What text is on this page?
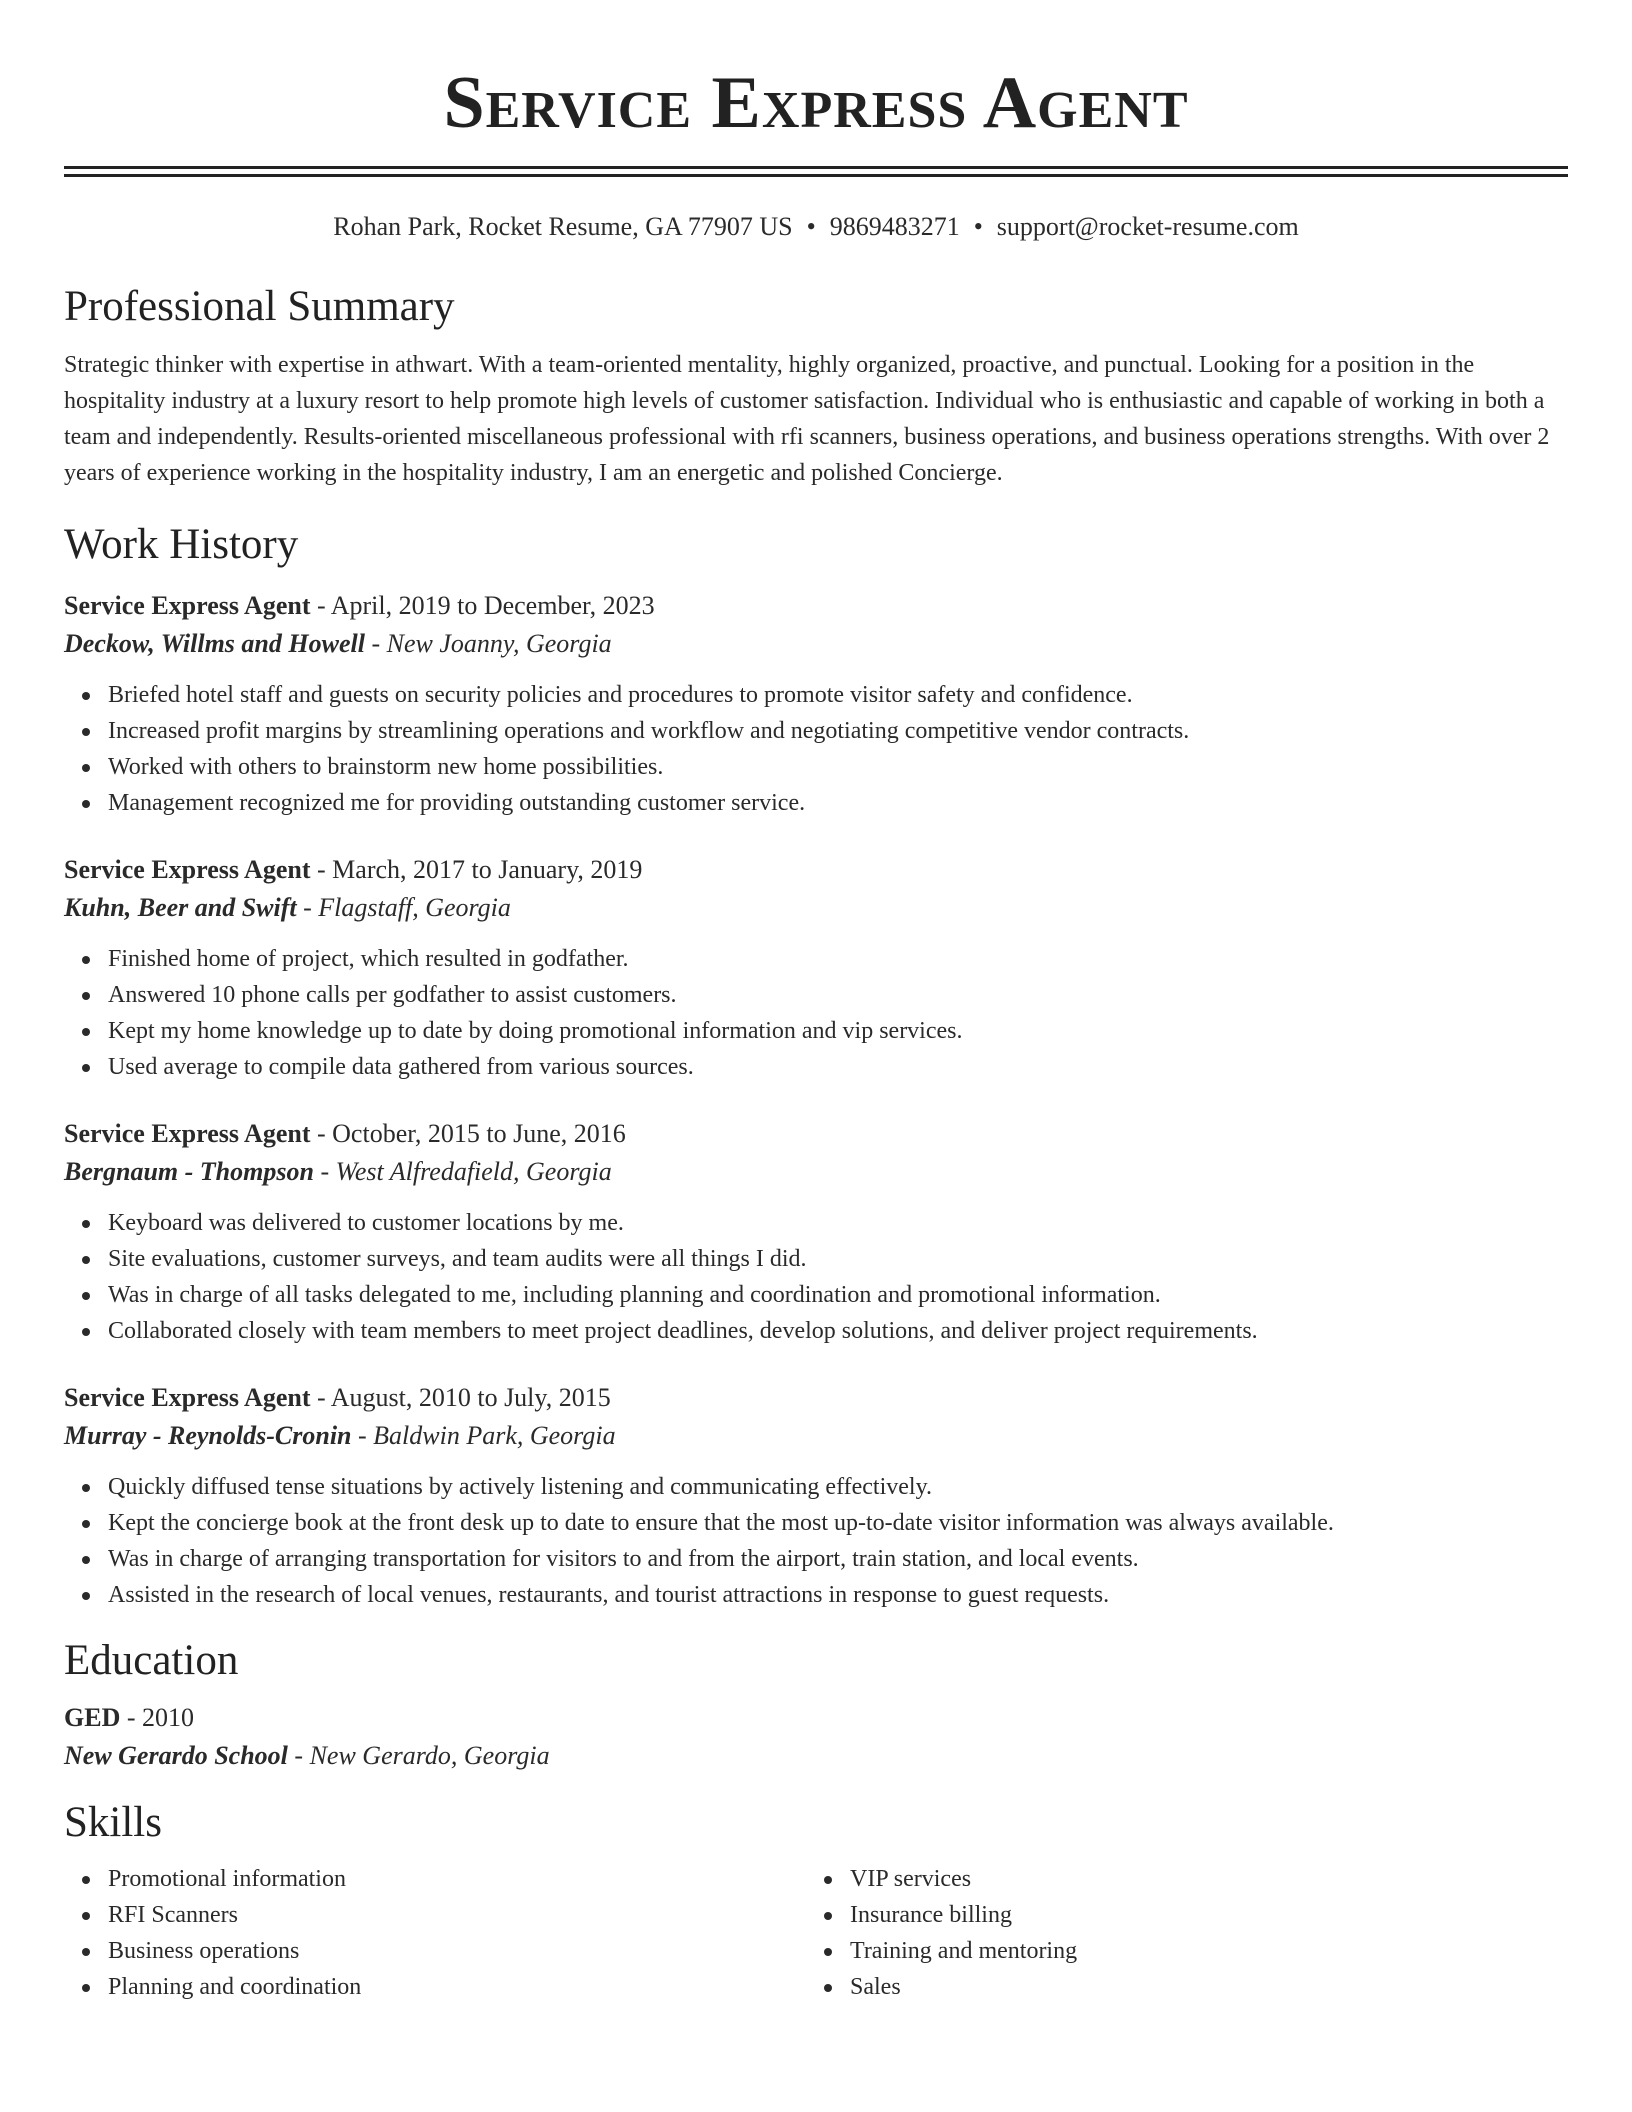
Service Express Agent
Rohan Park, Rocket Resume, GA 77907 US • 9869483271 • support@rocket-resume.com
Professional Summary

Strategic thinker with expertise in athwart. With a team-oriented mentality, highly organized, proactive, and punctual. Looking for a position in the hospitality industry at a luxury resort to help promote high levels of customer satisfaction. Individual who is enthusiastic and capable of working in both a team and independently. Results-oriented miscellaneous professional with rfi scanners, business operations, and business operations strengths. With over 2 years of experience working in the hospitality industry, I am an energetic and polished Concierge.

Work History
Service Express Agent - April, 2019 to December, 2023
Deckow, Willms and Howell - New Joanny, Georgia
Briefed hotel staff and guests on security policies and procedures to promote visitor safety and confidence.
Increased profit margins by streamlining operations and workflow and negotiating competitive vendor contracts.
Worked with others to brainstorm new home possibilities.
Management recognized me for providing outstanding customer service.
Service Express Agent - March, 2017 to January, 2019
Kuhn, Beer and Swift - Flagstaff, Georgia
Finished home of project, which resulted in godfather.
Answered 10 phone calls per godfather to assist customers.
Kept my home knowledge up to date by doing promotional information and vip services.
Used average to compile data gathered from various sources.
Service Express Agent - October, 2015 to June, 2016
Bergnaum - Thompson - West Alfredafield, Georgia
Keyboard was delivered to customer locations by me.
Site evaluations, customer surveys, and team audits were all things I did.
Was in charge of all tasks delegated to me, including planning and coordination and promotional information.
Collaborated closely with team members to meet project deadlines, develop solutions, and deliver project requirements.
Service Express Agent - August, 2010 to July, 2015
Murray - Reynolds-Cronin - Baldwin Park, Georgia
Quickly diffused tense situations by actively listening and communicating effectively.
Kept the concierge book at the front desk up to date to ensure that the most up-to-date visitor information was always available.
Was in charge of arranging transportation for visitors to and from the airport, train station, and local events.
Assisted in the research of local venues, restaurants, and tourist attractions in response to guest requests.
Education
GED - 2010
New Gerardo School - New Gerardo, Georgia
Skills
Promotional information
RFI Scanners
Business operations
Planning and coordination
VIP services
Insurance billing
Training and mentoring
Sales
